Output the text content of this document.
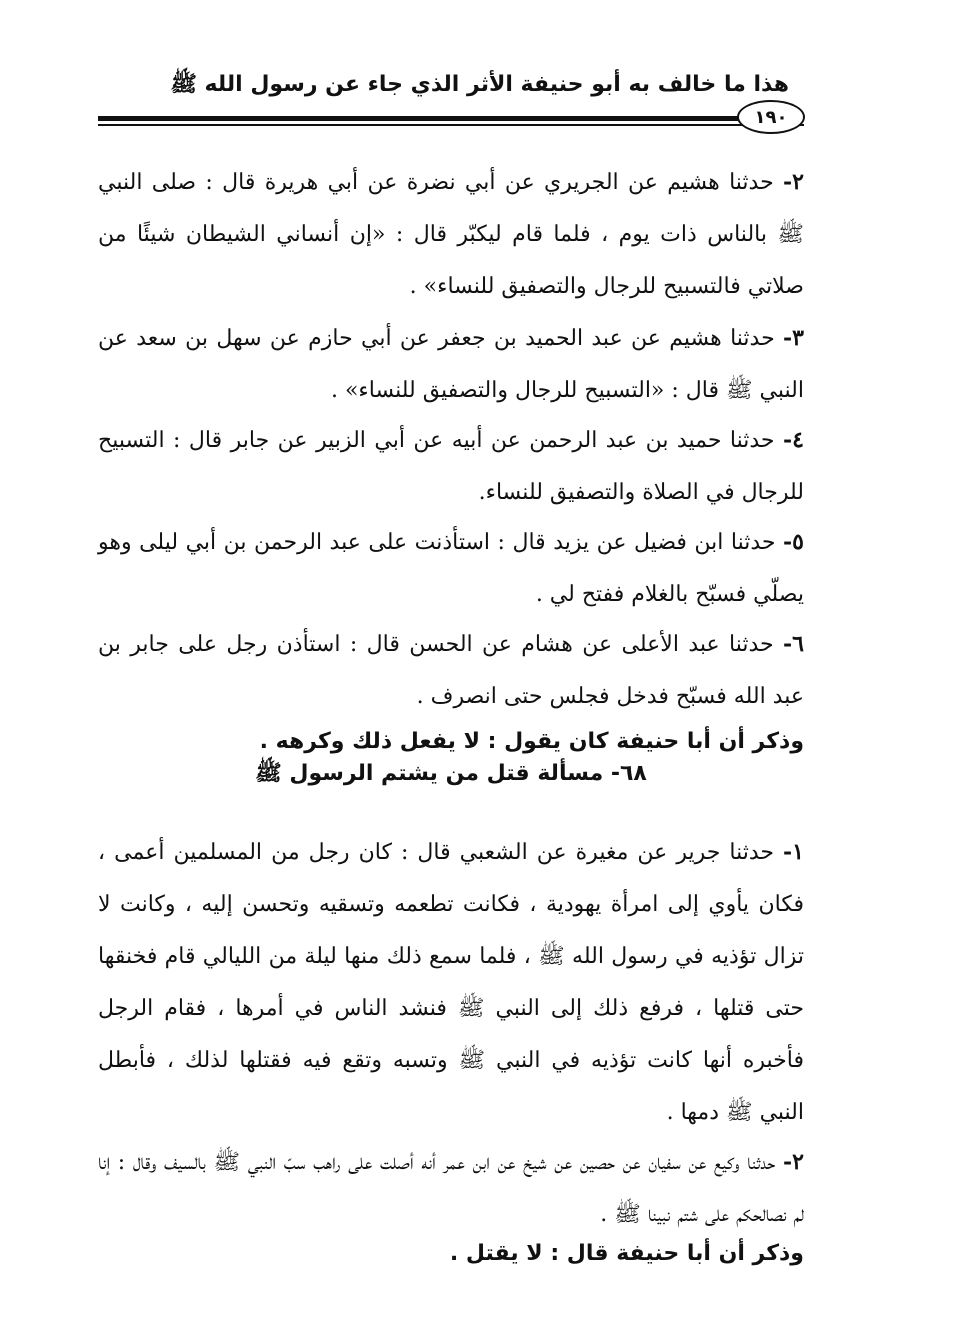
هذا ما خالف به أبو حنيفة الأثر الذي جاء عن رسول الله ﷺ
١٩٠
٢- حدثنا هشيم عن الجريري عن أبي نضرة عن أبي هريرة قال : صلى النبي ﷺ بالناس ذات يوم ، فلما قام ليكبّر قال : «إن أنساني الشيطان شيئًا من صلاتي فالتسبيح للرجال والتصفيق للنساء» .
٣- حدثنا هشيم عن عبد الحميد بن جعفر عن أبي حازم عن سهل بن سعد عن النبي ﷺ قال : «التسبيح للرجال والتصفيق للنساء» .
٤- حدثنا حميد بن عبد الرحمن عن أبيه عن أبي الزبير عن جابر قال : التسبيح للرجال في الصلاة والتصفيق للنساء.
٥- حدثنا ابن فضيل عن يزيد قال : استأذنت على عبد الرحمن بن أبي ليلى وهو يصلّي فسبّح بالغلام ففتح لي .
٦- حدثنا عبد الأعلى عن هشام عن الحسن قال : استأذن رجل على جابر بن عبد الله فسبّح فدخل فجلس حتى انصرف .
وذكر أن أبا حنيفة كان يقول : لا يفعل ذلك وكرهه .
٦٨- مسألة قتل من يشتم الرسول ﷺ
١- حدثنا جرير عن مغيرة عن الشعبي قال : كان رجل من المسلمين أعمى ، فكان يأوي إلى امرأة يهودية ، فكانت تطعمه وتسقيه وتحسن إليه ، وكانت لا تزال تؤذيه في رسول الله ﷺ ، فلما سمع ذلك منها ليلة من الليالي قام فخنقها حتى قتلها ، فرفع ذلك إلى النبي ﷺ فنشد الناس في أمرها ، فقام الرجل فأخبره أنها كانت تؤذيه في النبي ﷺ وتسبه وتقع فيه فقتلها لذلك ، فأبطل النبي ﷺ دمها .
٢- حدثنا وكيع عن سفيان عن حصين عن شيخ عن ابن عمر أنه أصلت على راهب سبّ النبي ﷺ بالسيف وقال : إنا لم نصالحكم على شتم نبينا ﷺ .
وذكر أن أبا حنيفة قال : لا يقتل .
